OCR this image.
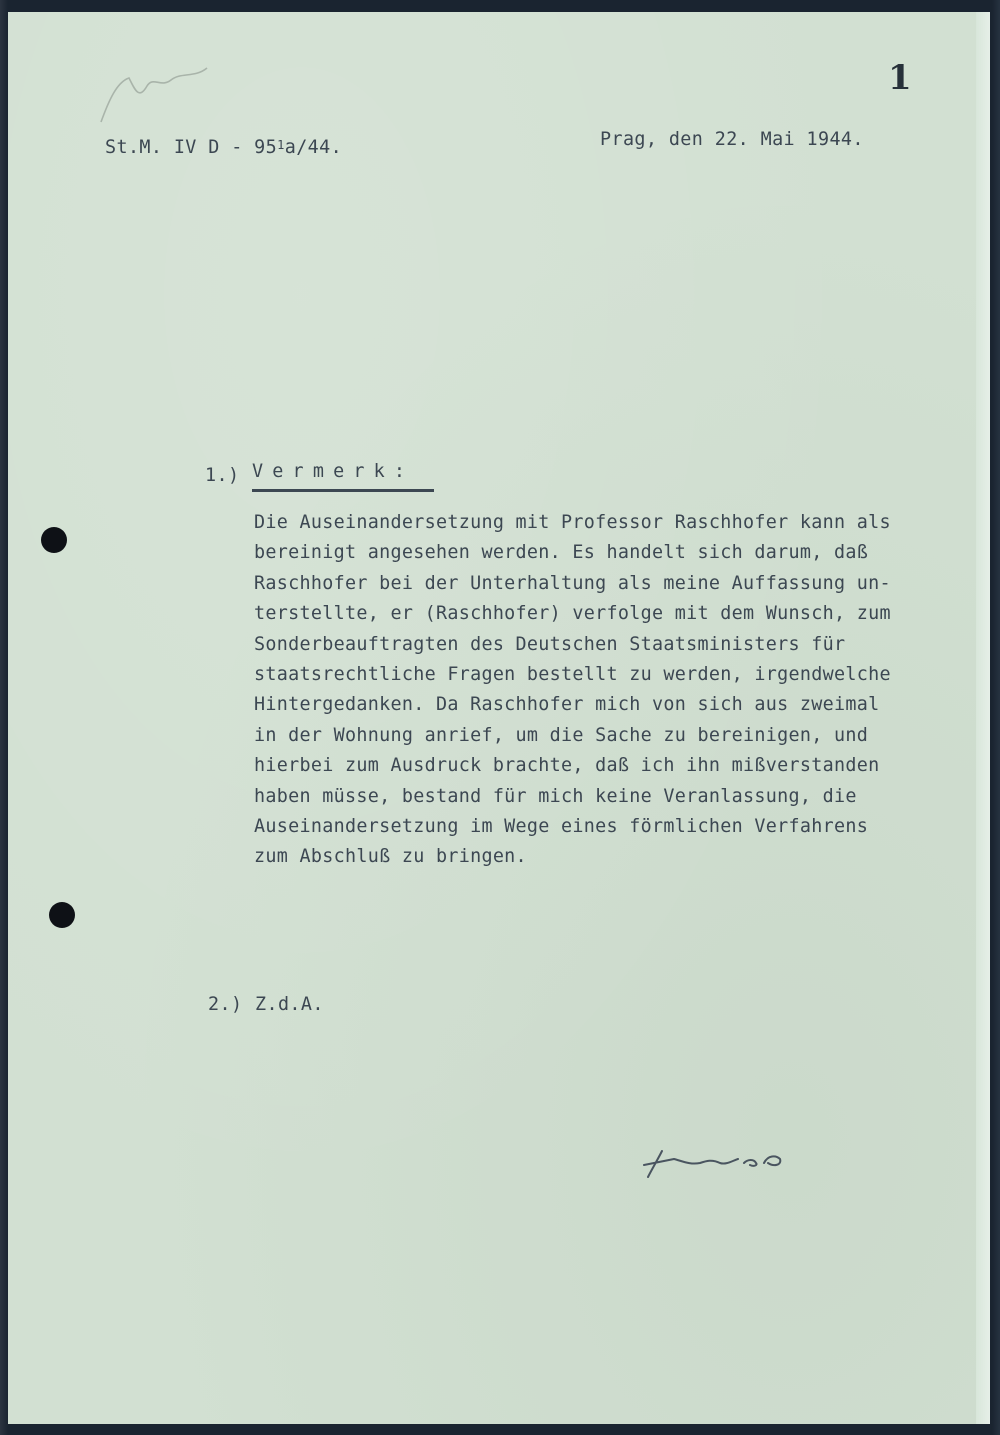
1
St.M. IV D - $95^1a/44$.	Prag, den 22. Mai 1944.
1.) Vermerk:
Die Auseinandersetzung mit Professor Raschhofer kann als
bereinigt angesehen werden. Es handelt sich darum, daß
Raschhofer bei der Unterhaltung als meine Auffassung un-
terstellte, er (Raschhofer) verfolge mit dem Wunsch, zum
Sonderbeauftragten des Deutschen Staatsministers für
staatsrechtliche Fragen bestellt zu werden, irgendwelche
Hintergedanken. Da Raschhofer mich von sich aus zweimal
in der Wohnung anrief, um die Sache zu bereinigen, und
hierbei zum Ausdruck brachte, daß ich ihn mißverstanden
haben müsse, bestand für mich keine Veranlassung, die
Auseinandersetzung im Wege eines förmlichen Verfahrens
zum Abschluß zu bringen.
2.) Z.d.A.
